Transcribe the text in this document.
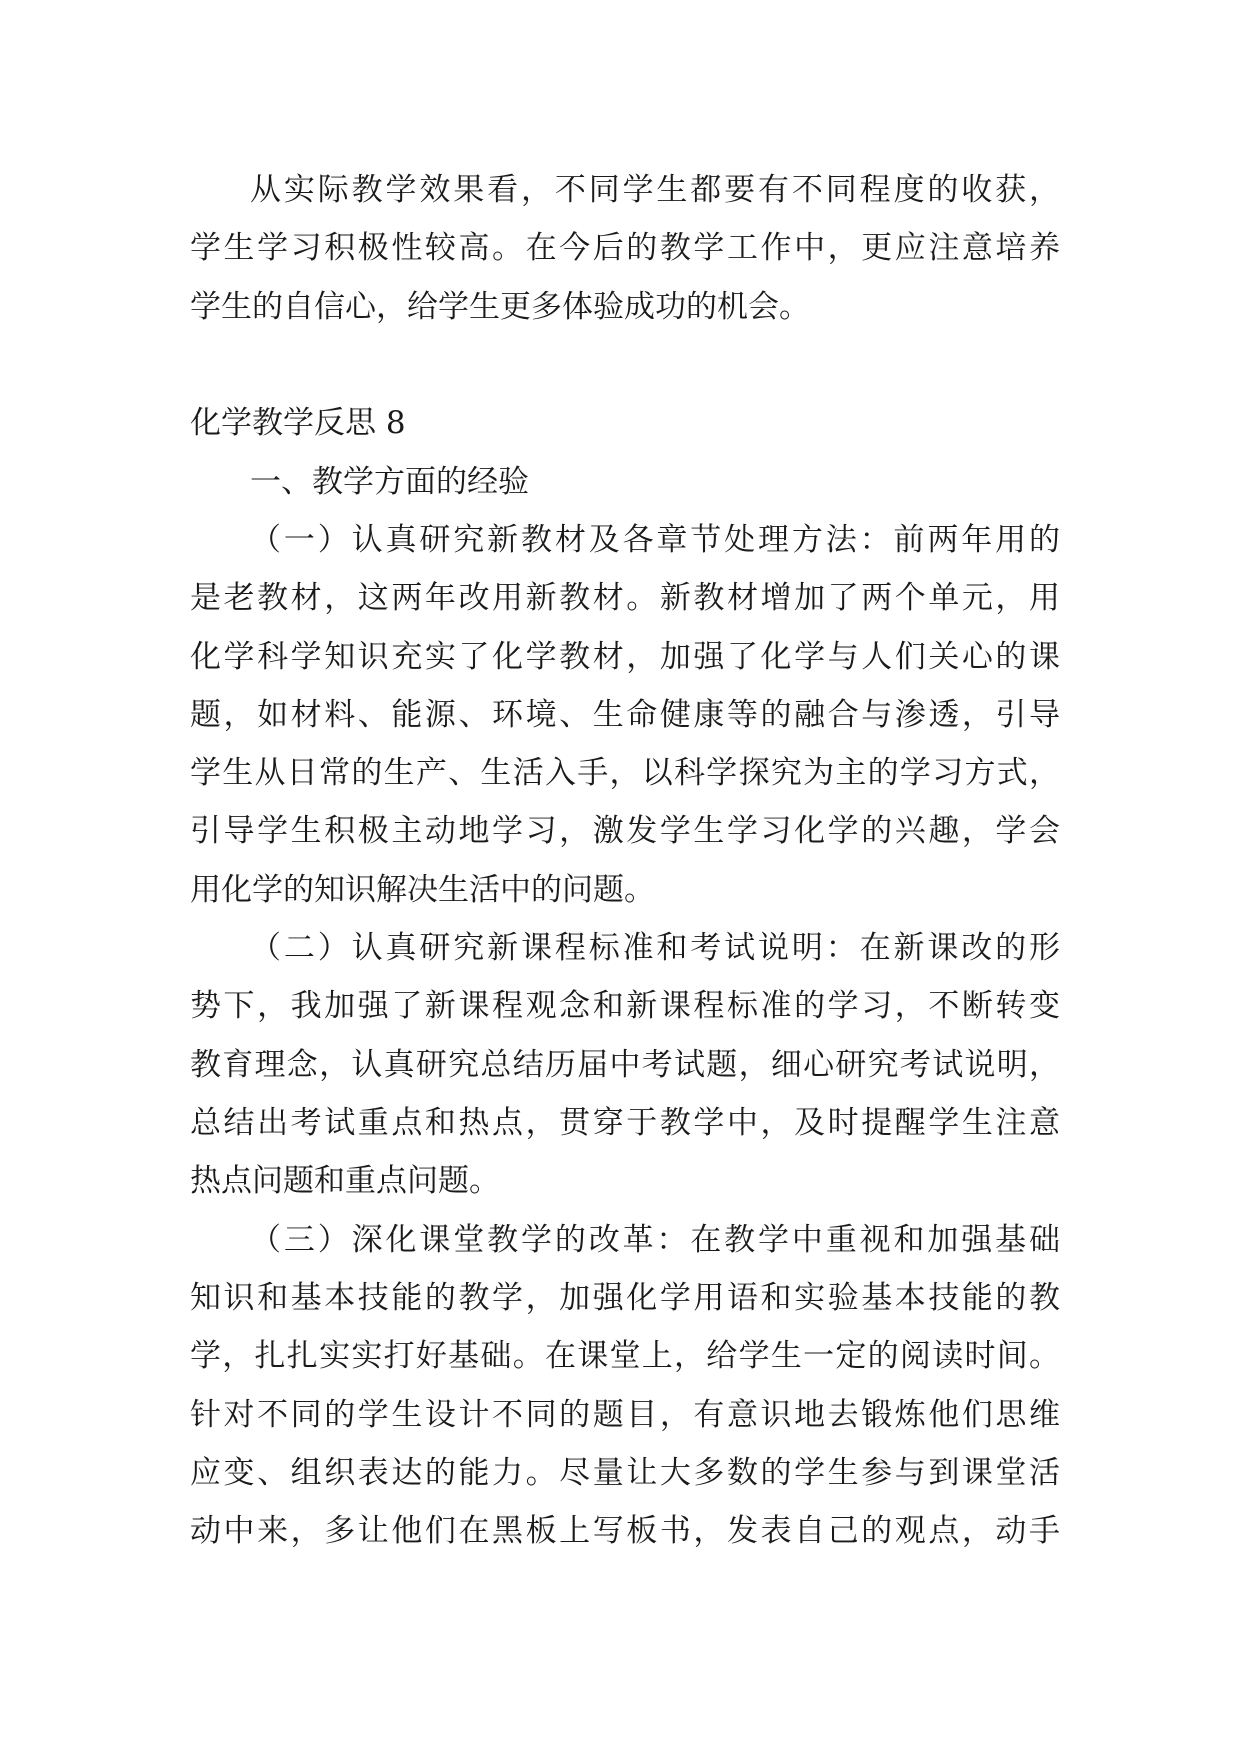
从实际教学效果看，不同学生都要有不同程度的收获，
学生学习积极性较高。在今后的教学工作中，更应注意培养
学生的自信心，给学生更多体验成功的机会。
化学教学反思 8
一、教学方面的经验
（一）认真研究新教材及各章节处理方法：前两年用的
是老教材，这两年改用新教材。新教材增加了两个单元，用
化学科学知识充实了化学教材，加强了化学与人们关心的课
题，如材料、能源、环境、生命健康等的融合与渗透，引导
学生从日常的生产、生活入手，以科学探究为主的学习方式，
引导学生积极主动地学习，激发学生学习化学的兴趣，学会
用化学的知识解决生活中的问题。
（二）认真研究新课程标准和考试说明：在新课改的形
势下，我加强了新课程观念和新课程标准的学习，不断转变
教育理念，认真研究总结历届中考试题，细心研究考试说明，
总结出考试重点和热点，贯穿于教学中，及时提醒学生注意
热点问题和重点问题。
（三）深化课堂教学的改革：在教学中重视和加强基础
知识和基本技能的教学，加强化学用语和实验基本技能的教
学，扎扎实实打好基础。在课堂上，给学生一定的阅读时间。
针对不同的学生设计不同的题目，有意识地去锻炼他们思维
应变、组织表达的能力。尽量让大多数的学生参与到课堂活
动中来，多让他们在黑板上写板书，发表自己的观点，动手
